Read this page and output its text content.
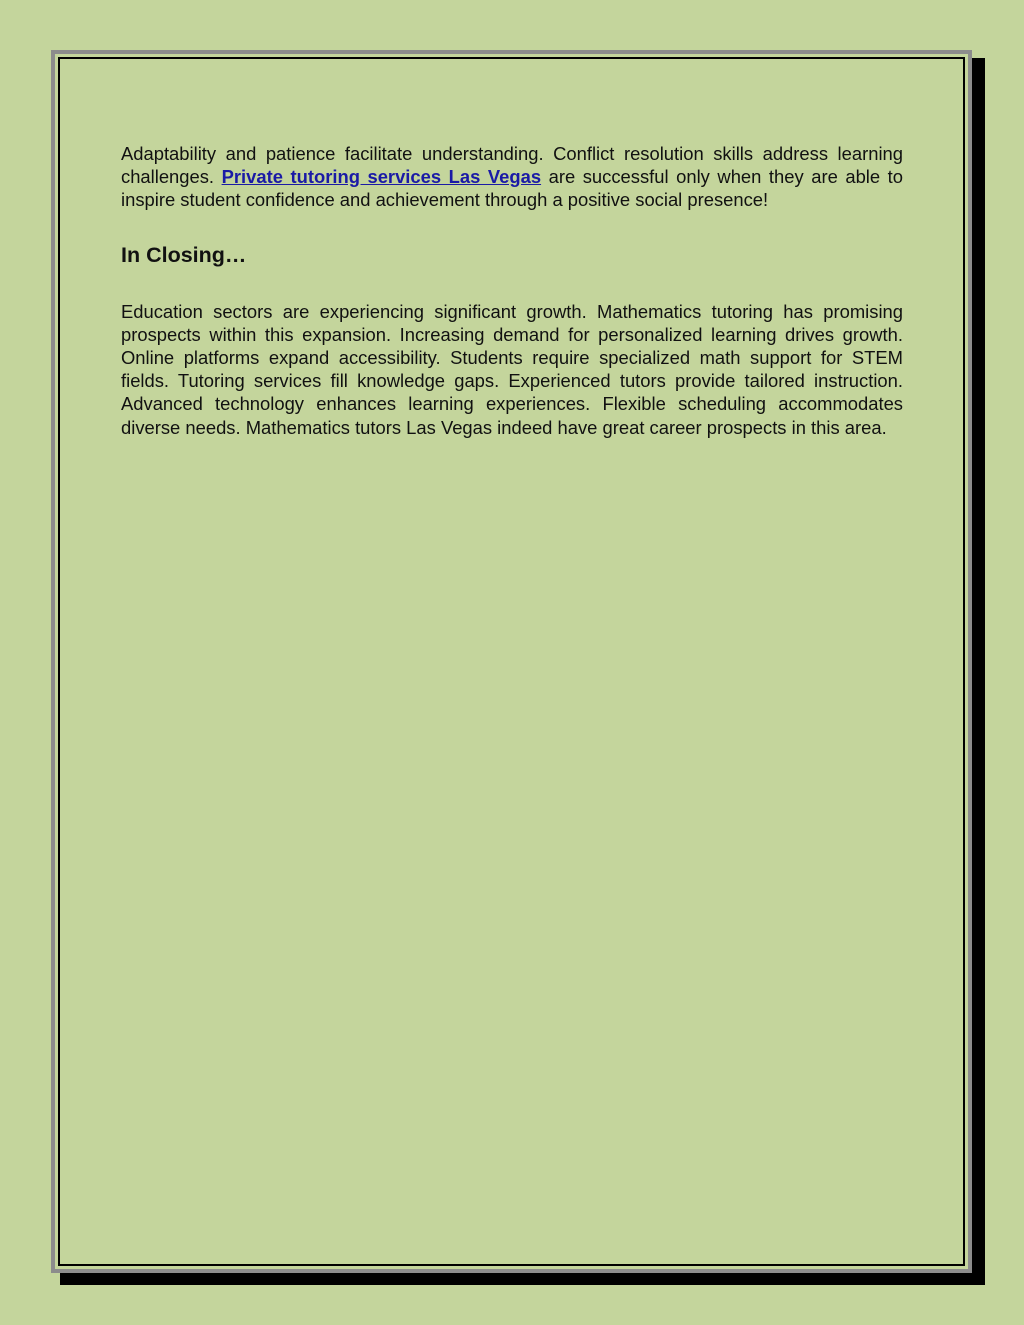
Adaptability and patience facilitate understanding. Conflict resolution skills address learning challenges. Private tutoring services Las Vegas are successful only when they are able to inspire student confidence and achievement through a positive social presence!

In Closing…

Education sectors are experiencing significant growth. Mathematics tutoring has promising prospects within this expansion. Increasing demand for personalized learning drives growth. Online platforms expand accessibility. Students require specialized math support for STEM fields. Tutoring services fill knowledge gaps. Experienced tutors provide tailored instruction. Advanced technology enhances learning experiences. Flexible scheduling accommodates diverse needs. Mathematics tutors Las Vegas indeed have great career prospects in this area.
